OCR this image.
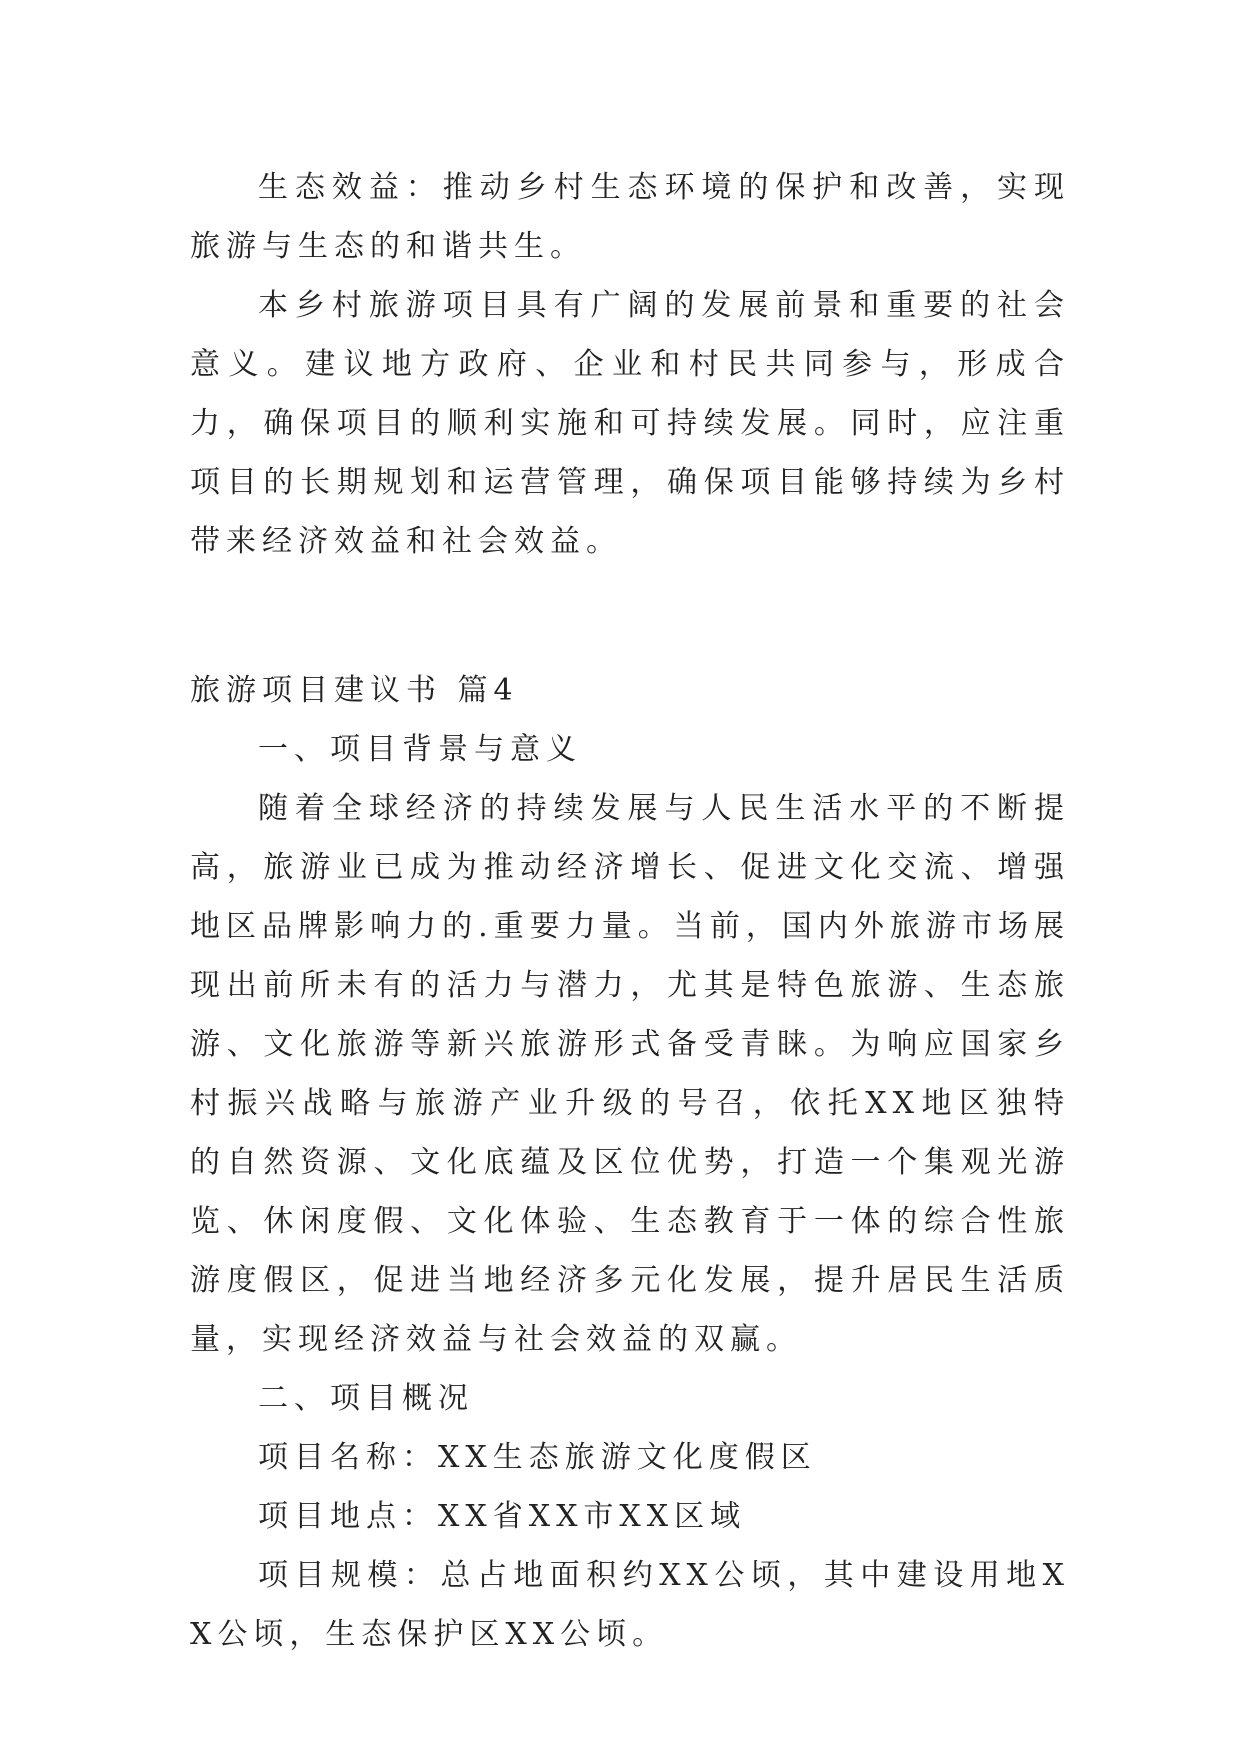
生态效益：推动乡村生态环境的保护和改善，实现旅游与生态的和谐共生。

本乡村旅游项目具有广阔的发展前景和重要的社会意义。建议地方政府、企业和村民共同参与，形成合力，确保项目的顺利实施和可持续发展。同时，应注重项目的长期规划和运营管理，确保项目能够持续为乡村带来经济效益和社会效益。

旅游项目建议书 篇4

一、项目背景与意义

随着全球经济的持续发展与人民生活水平的不断提高，旅游业已成为推动经济增长、促进文化交流、增强地区品牌影响力的.重要力量。当前，国内外旅游市场展现出前所未有的活力与潜力，尤其是特色旅游、生态旅游、文化旅游等新兴旅游形式备受青睐。为响应国家乡村振兴战略与旅游产业升级的号召，依托XX地区独特的自然资源、文化底蕴及区位优势，打造一个集观光游览、休闲度假、文化体验、生态教育于一体的综合性旅游度假区，促进当地经济多元化发展，提升居民生活质量，实现经济效益与社会效益的双赢。

二、项目概况

项目名称：XX生态旅游文化度假区

项目地点：XX省XX市XX区域

项目规模：总占地面积约XX公顷，其中建设用地XX公顷，生态保护区XX公顷。
